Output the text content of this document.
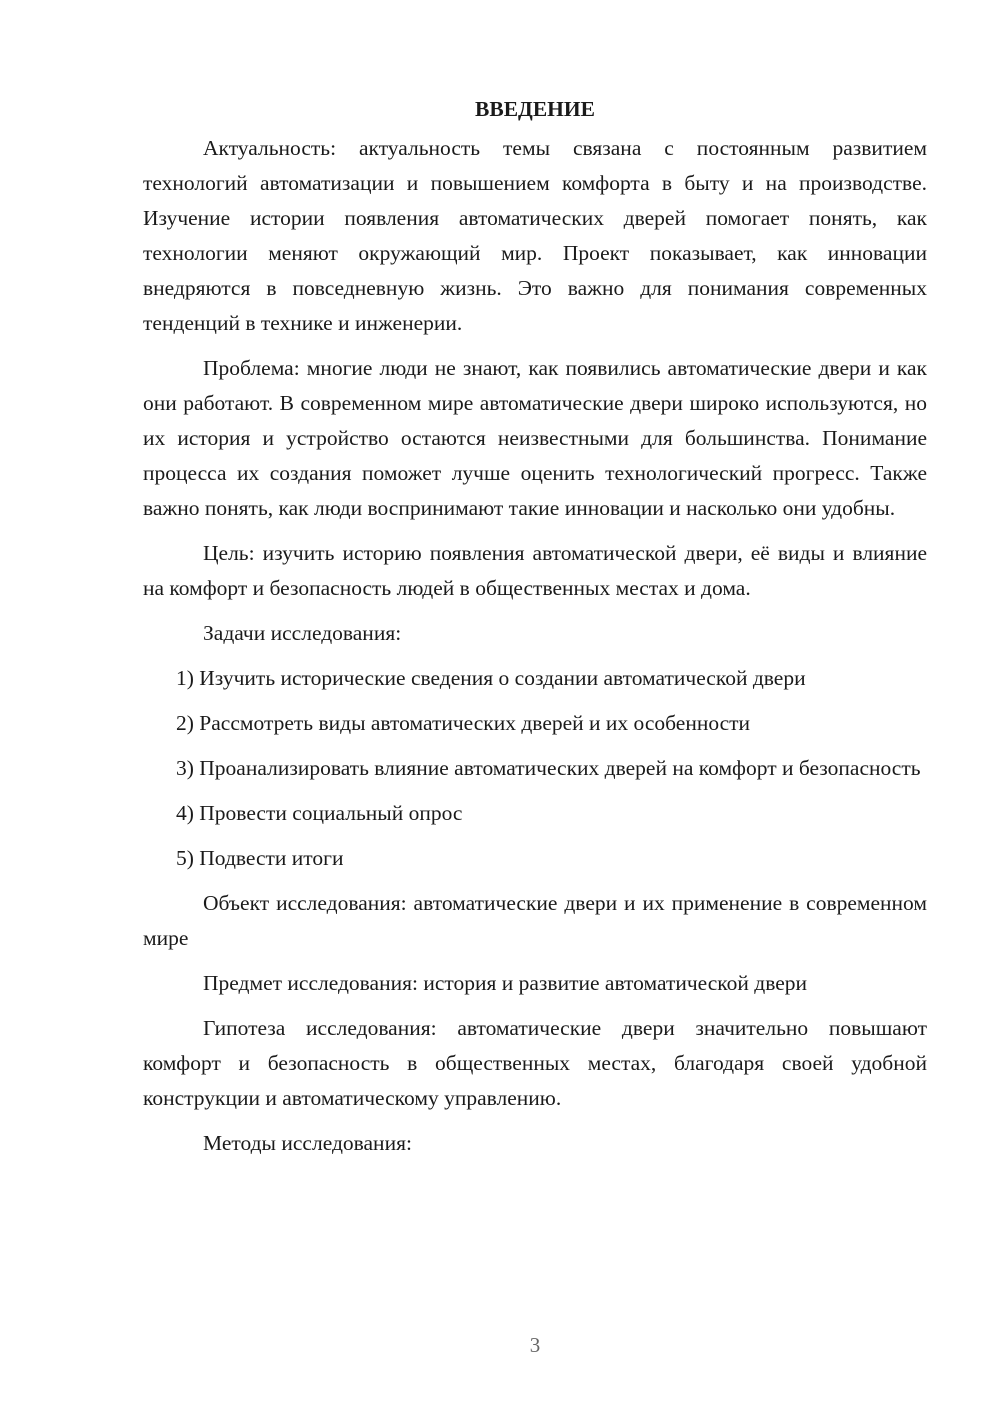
ВВЕДЕНИЕ

Актуальность: актуальность темы связана с постоянным развитием технологий автоматизации и повышением комфорта в быту и на производстве. Изучение истории появления автоматических дверей помогает понять, как технологии меняют окружающий мир. Проект показывает, как инновации внедряются в повседневную жизнь. Это важно для понимания современных тенденций в технике и инженерии.

Проблема: многие люди не знают, как появились автоматические двери и как они работают. В современном мире автоматические двери широко используются, но их история и устройство остаются неизвестными для большинства. Понимание процесса их создания поможет лучше оценить технологический прогресс. Также важно понять, как люди воспринимают такие инновации и насколько они удобны.

Цель: изучить историю появления автоматической двери, её виды и влияние на комфорт и безопасность людей в общественных местах и дома.

Задачи исследования:

1) Изучить исторические сведения о создании автоматической двери

2) Рассмотреть виды автоматических дверей и их особенности

3) Проанализировать влияние автоматических дверей на комфорт и безопасность

4) Провести социальный опрос

5) Подвести итоги

Объект исследования: автоматические двери и их применение в современном мире

Предмет исследования: история и развитие автоматической двери

Гипотеза исследования: автоматические двери значительно повышают комфорт и безопасность в общественных местах, благодаря своей удобной конструкции и автоматическому управлению.

Методы исследования:

3
